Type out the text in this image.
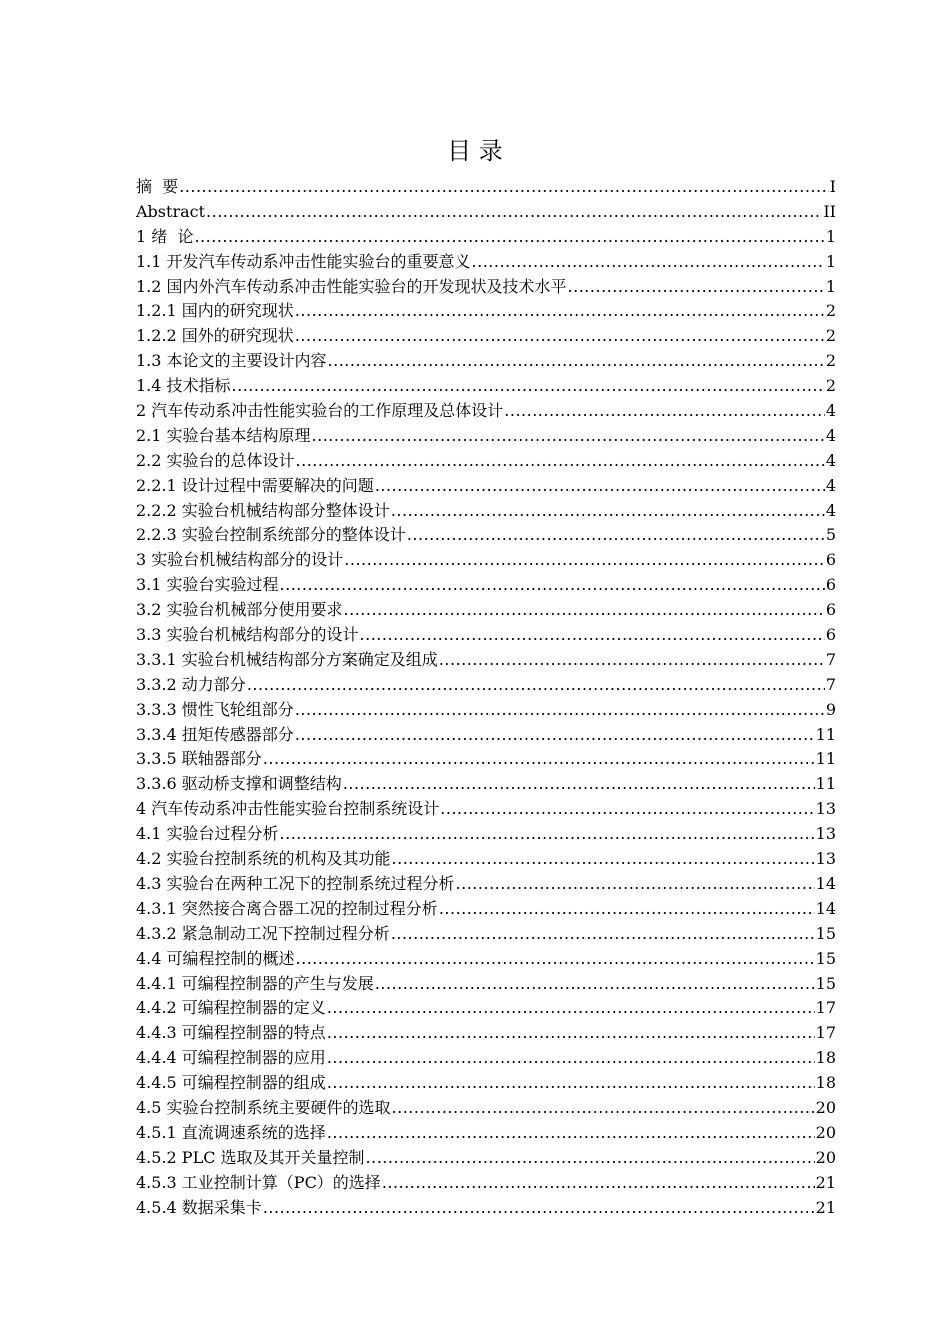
目 录
摘  要 .....	I
Abstract .....	II
1 绪  论 .....	1
1.1 开发汽车传动系冲击性能实验台的重要意义 .....	1
1.2 国内外汽车传动系冲击性能实验台的开发现状及技术水平 .....	1
1.2.1 国内的研究现状 .....	2
1.2.2 国外的研究现状 .....	2
1.3 本论文的主要设计内容 .....	2
1.4 技术指标 .....	2
2 汽车传动系冲击性能实验台的工作原理及总体设计 .....	4
2.1 实验台基本结构原理 .....	4
2.2 实验台的总体设计 .....	4
2.2.1 设计过程中需要解决的问题 .....	4
2.2.2 实验台机械结构部分整体设计 .....	4
2.2.3 实验台控制系统部分的整体设计 .....	5
3 实验台机械结构部分的设计 .....	6
3.1 实验台实验过程 .....	6
3.2 实验台机械部分使用要求 .....	6
3.3 实验台机械结构部分的设计 .....	6
3.3.1 实验台机械结构部分方案确定及组成 .....	7
3.3.2 动力部分 .....	7
3.3.3 惯性飞轮组部分 .....	9
3.3.4 扭矩传感器部分 .....	11
3.3.5 联轴器部分 .....	11
3.3.6 驱动桥支撑和调整结构 .....	11
4 汽车传动系冲击性能实验台控制系统设计 .....	13
4.1 实验台过程分析 .....	13
4.2 实验台控制系统的机构及其功能 .....	13
4.3 实验台在两种工况下的控制系统过程分析 .....	14
4.3.1 突然接合离合器工况的控制过程分析 .....	14
4.3.2 紧急制动工况下控制过程分析 .....	15
4.4 可编程控制的概述 .....	15
4.4.1 可编程控制器的产生与发展 .....	15
4.4.2 可编程控制器的定义 .....	17
4.4.3 可编程控制器的特点 .....	17
4.4.4 可编程控制器的应用 .....	18
4.4.5 可编程控制器的组成 .....	18
4.5 实验台控制系统主要硬件的选取 .....	20
4.5.1 直流调速系统的选择 .....	20
4.5.2 PLC 选取及其开关量控制 .....	20
4.5.3 工业控制计算（PC）的选择 .....	21
4.5.4 数据采集卡 .....	21
